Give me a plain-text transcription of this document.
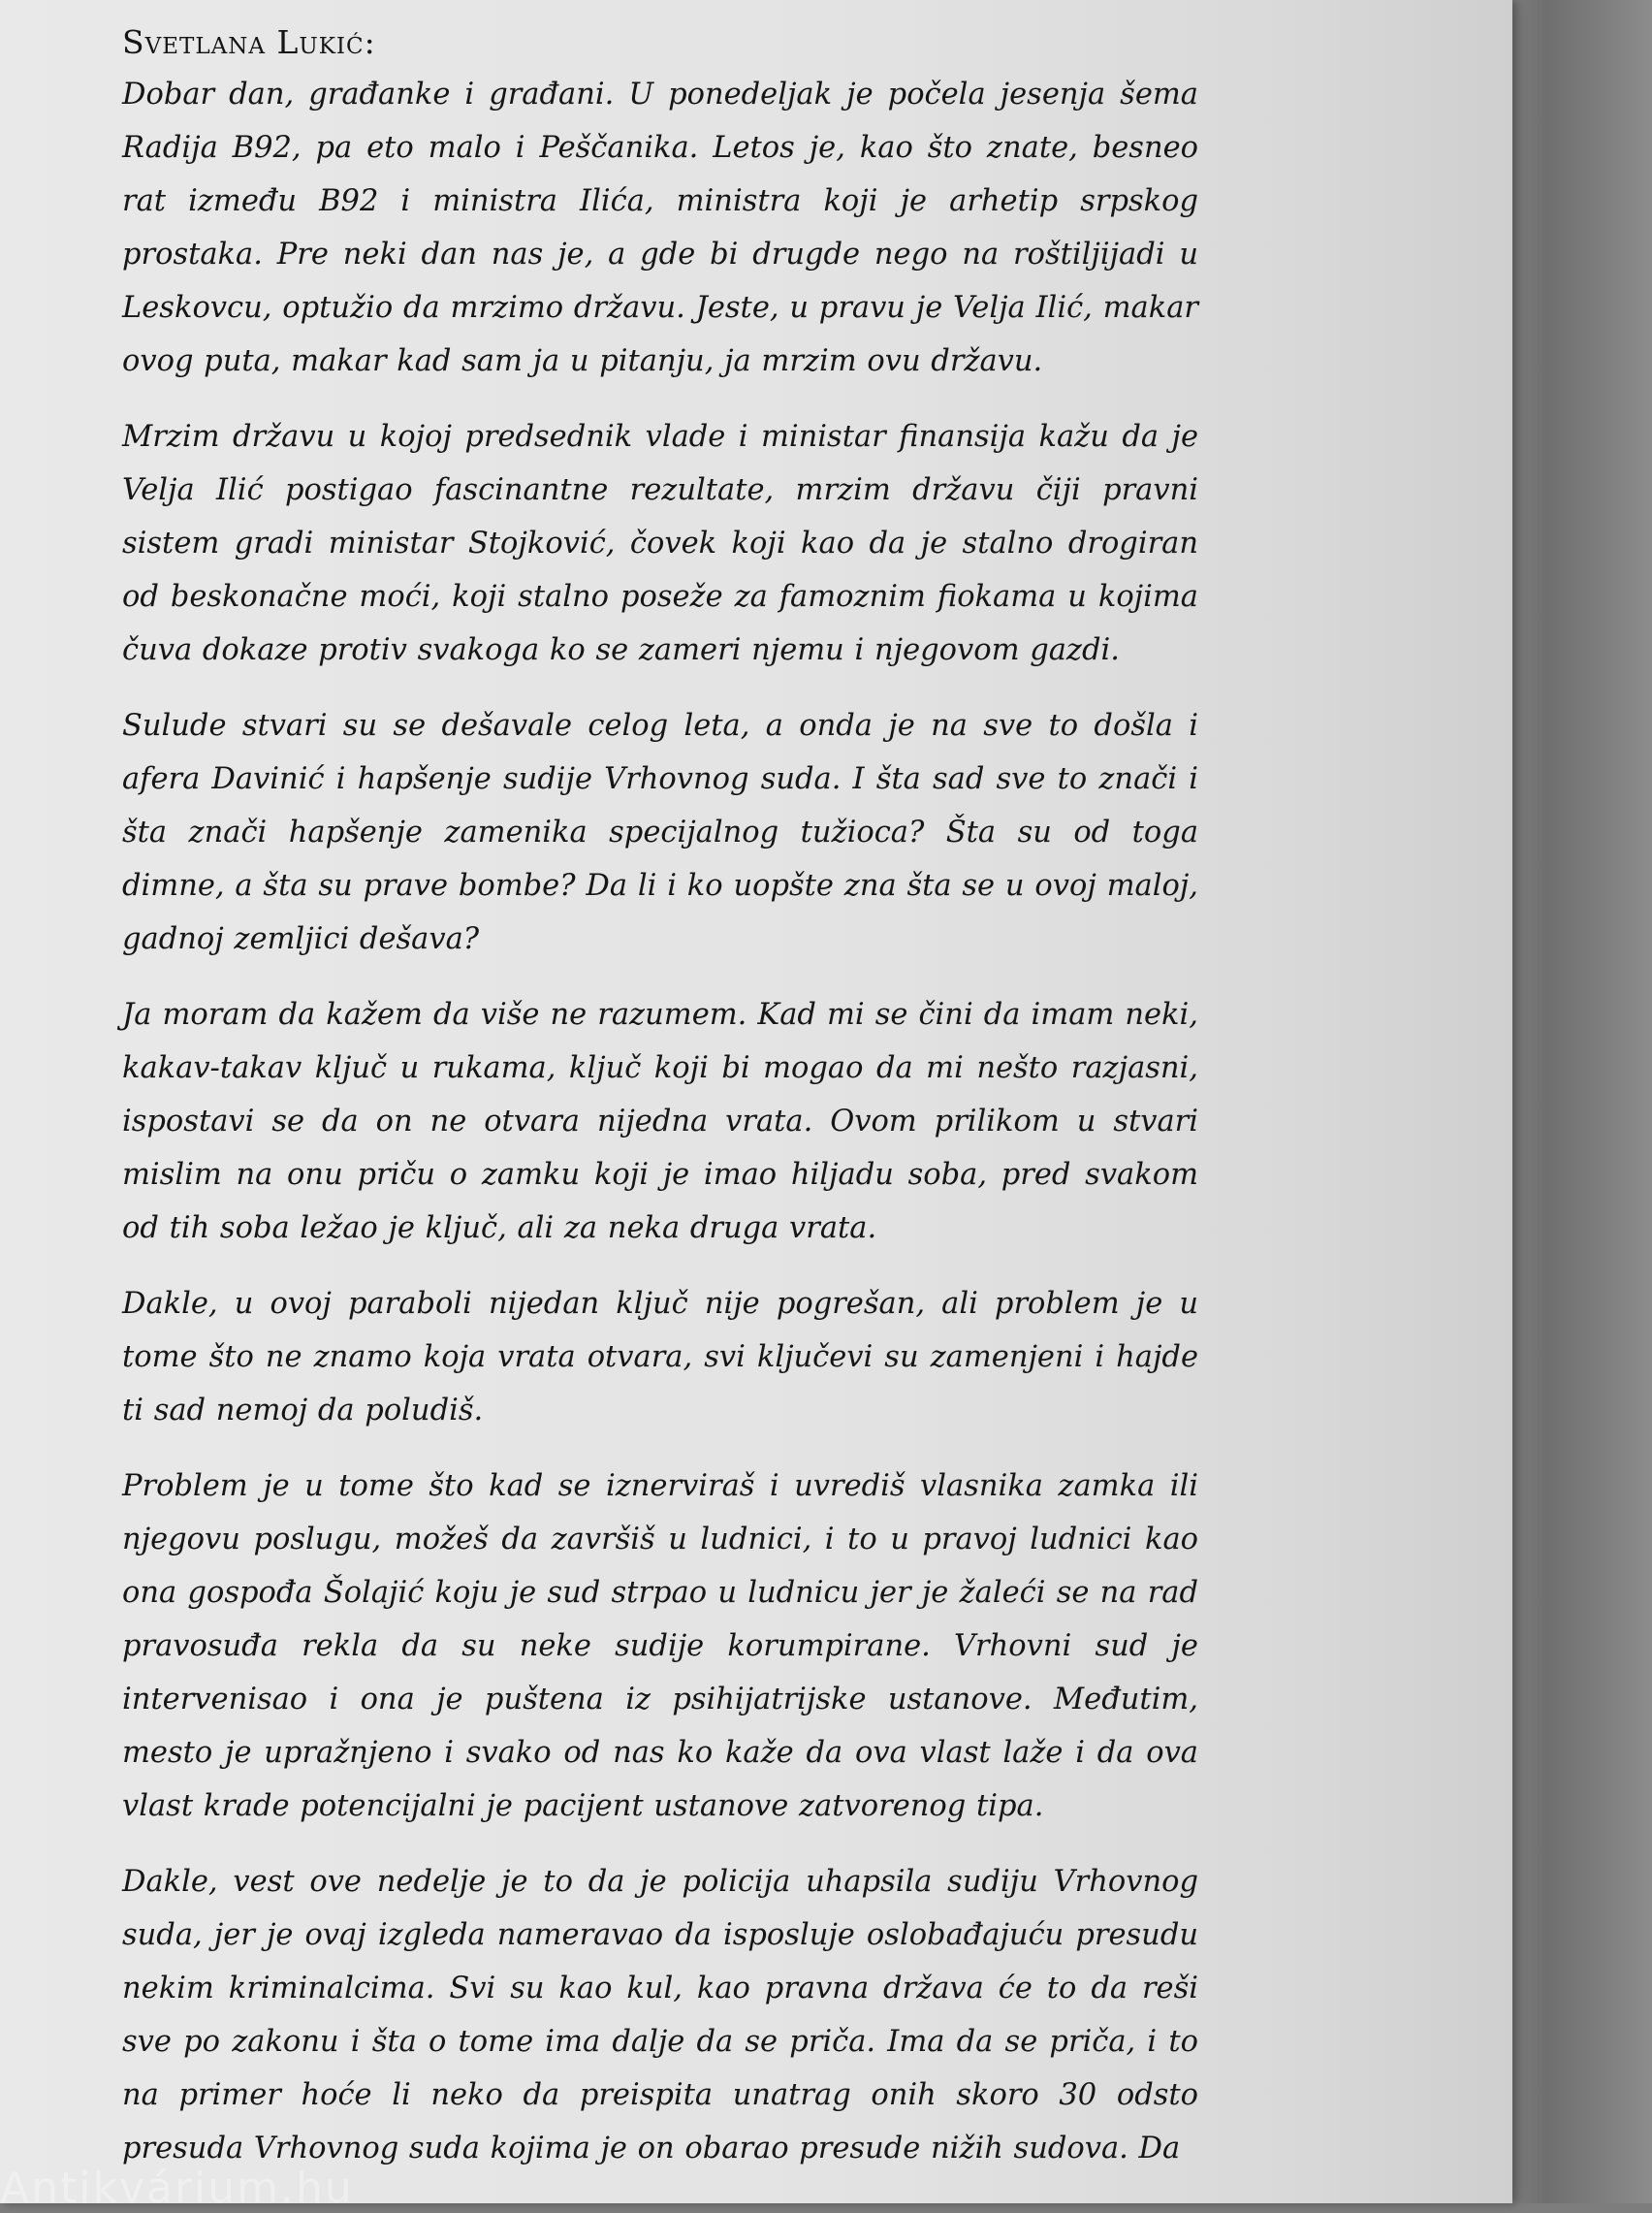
Svetlana Lukić:

Dobar dan, građanke i građani. U ponedeljak je počela jesenja šema Radija B92, pa eto malo i Peščanika. Letos je, kao što znate, besneo rat između B92 i ministra Ilića, ministra koji je arhetip srpskog prostaka. Pre neki dan nas je, a gde bi drugde nego na roštiljijadi u Leskovcu, optužio da mrzimo državu. Jeste, u pravu je Velja Ilić, makar ovog puta, makar kad sam ja u pitanju, ja mrzim ovu državu.

Mrzim državu u kojoj predsednik vlade i ministar finansija kažu da je Velja Ilić postigao fascinantne rezultate, mrzim državu čiji pravni sistem gradi ministar Stojković, čovek koji kao da je stalno drogiran od beskonačne moći, koji stalno poseže za famoznim fiokama u kojima čuva dokaze protiv svakoga ko se zameri njemu i njegovom gazdi.

Sulude stvari su se dešavale celog leta, a onda je na sve to došla i afera Davinić i hapšenje sudije Vrhovnog suda. I šta sad sve to znači i šta znači hapšenje zamenika specijalnog tužioca? Šta su od toga dimne, a šta su prave bombe? Da li i ko uopšte zna šta se u ovoj maloj, gadnoj zemljici dešava?

Ja moram da kažem da više ne razumem. Kad mi se čini da imam neki, kakav-takav ključ u rukama, ključ koji bi mogao da mi nešto razjasni, ispostavi se da on ne otvara nijedna vrata. Ovom prilikom u stvari mislim na onu priču o zamku koji je imao hiljadu soba, pred svakom od tih soba ležao je ključ, ali za neka druga vrata.

Dakle, u ovoj paraboli nijedan ključ nije pogrešan, ali problem je u tome što ne znamo koja vrata otvara, svi ključevi su zamenjeni i hajde ti sad nemoj da poludiš.

Problem je u tome što kad se iznerviraš i uvrediš vlasnika zamka ili njegovu poslugu, možeš da završiš u ludnici, i to u pravoj ludnici kao ona gospođa Šolajić koju je sud strpao u ludnicu jer je žaleći se na rad pravosuđa rekla da su neke sudije korumpirane. Vrhovni sud je intervenisao i ona je puštena iz psihijatrijske ustanove. Međutim, mesto je upražnjeno i svako od nas ko kaže da ova vlast laže i da ova vlast krade potencijalni je pacijent ustanove zatvorenog tipa.

Dakle, vest ove nedelje je to da je policija uhapsila sudiju Vrhovnog suda, jer je ovaj izgleda nameravao da isposluje oslobađajuću presudu nekim kriminalcima. Svi su kao kul, kao pravna država će to da reši sve po zakonu i šta o tome ima dalje da se priča. Ima da se priča, i to na primer hoće li neko da preispita unatrag onih skoro 30 odsto presuda Vrhovnog suda kojima je on obarao presude nižih sudova. Da

Antikvárium.hu
